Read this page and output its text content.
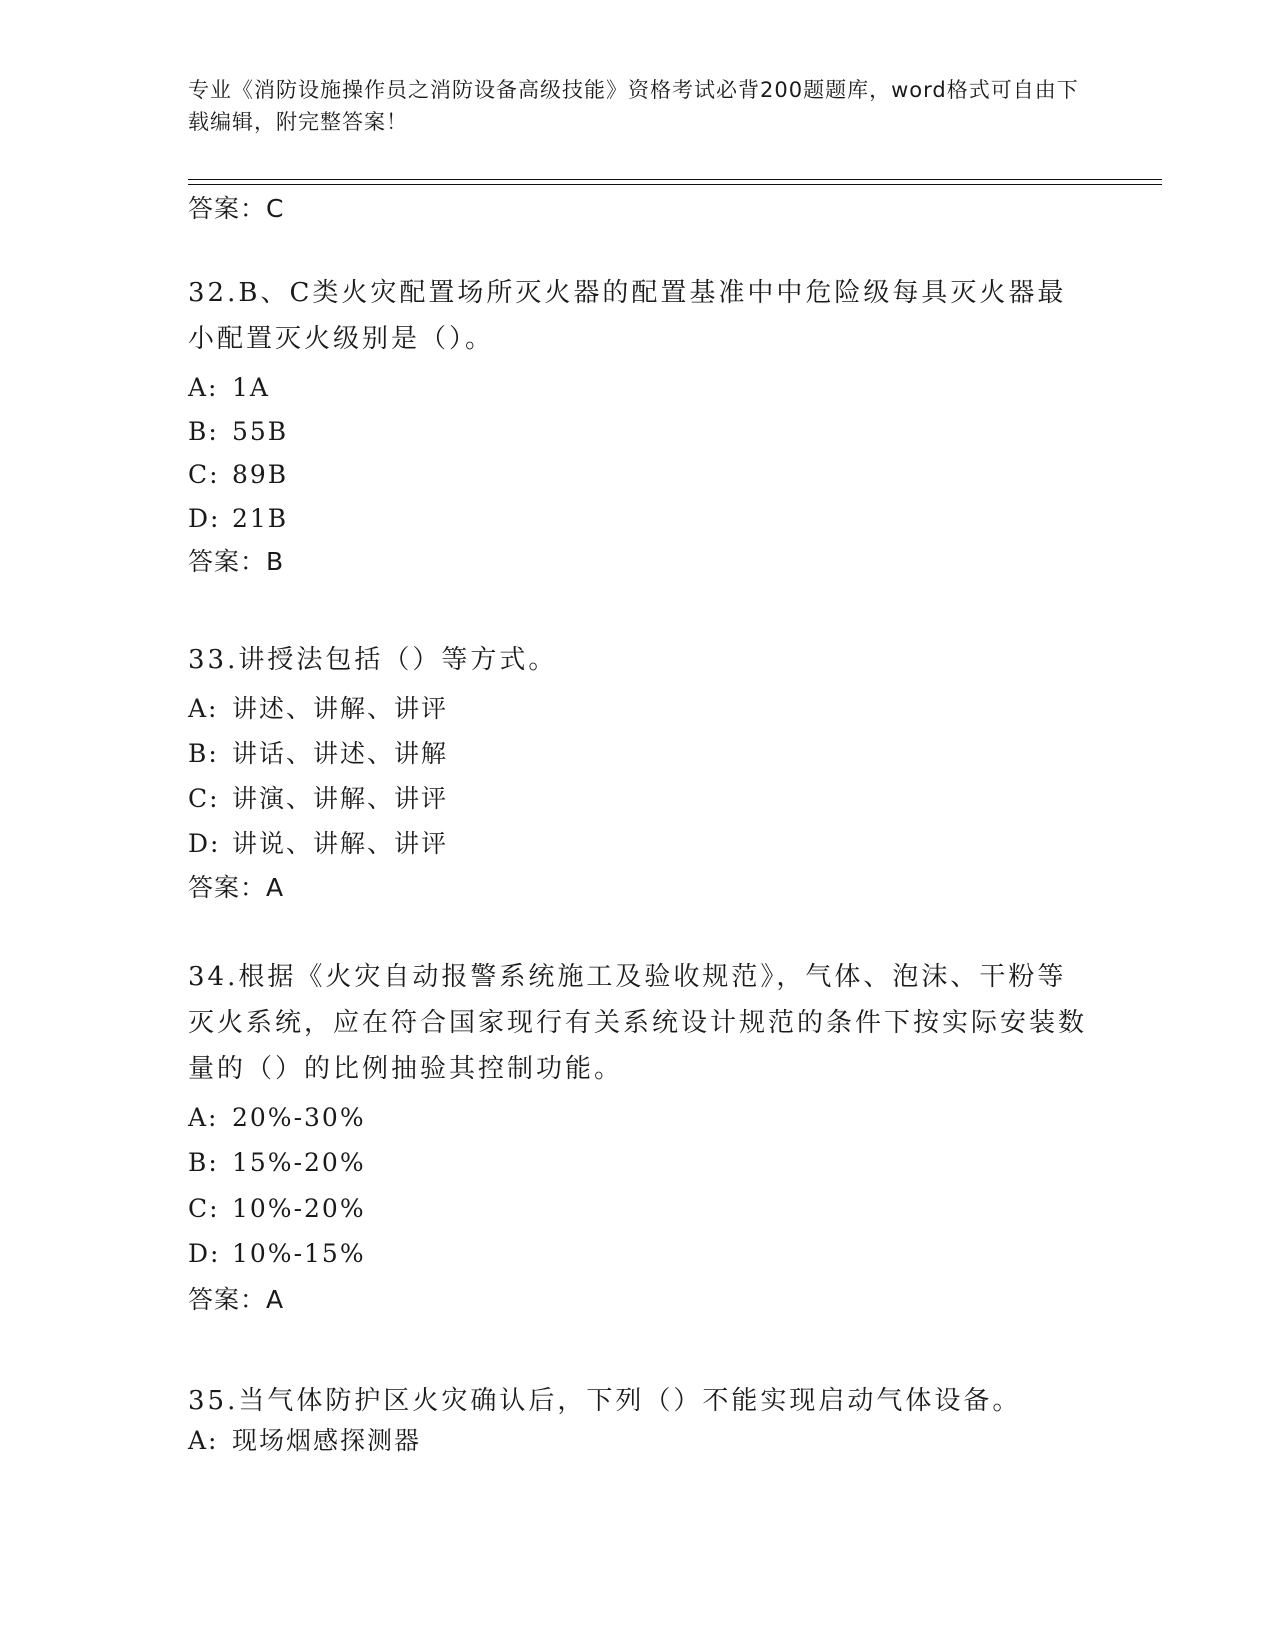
专业《消防设施操作员之消防设备高级技能》资格考试必背200题题库，word格式可自由下载编辑，附完整答案！
答案：C

32.B、C类火灾配置场所灭火器的配置基准中中危险级每具灭火器最小配置灭火级别是（）。

A: 1A
B: 55B
C: 89B
D: 21B
答案：B

33.讲授法包括（）等方式。

A: 讲述、讲解、讲评
B: 讲话、讲述、讲解
C: 讲演、讲解、讲评
D: 讲说、讲解、讲评
答案：A

34.根据《火灾自动报警系统施工及验收规范》，气体、泡沫、干粉等灭火系统，应在符合国家现行有关系统设计规范的条件下按实际安装数量的（）的比例抽验其控制功能。

A: 20%-30%
B: 15%-20%
C: 10%-20%
D: 10%-15%
答案：A

35.当气体防护区火灾确认后，下列（）不能实现启动气体设备。

A: 现场烟感探测器
